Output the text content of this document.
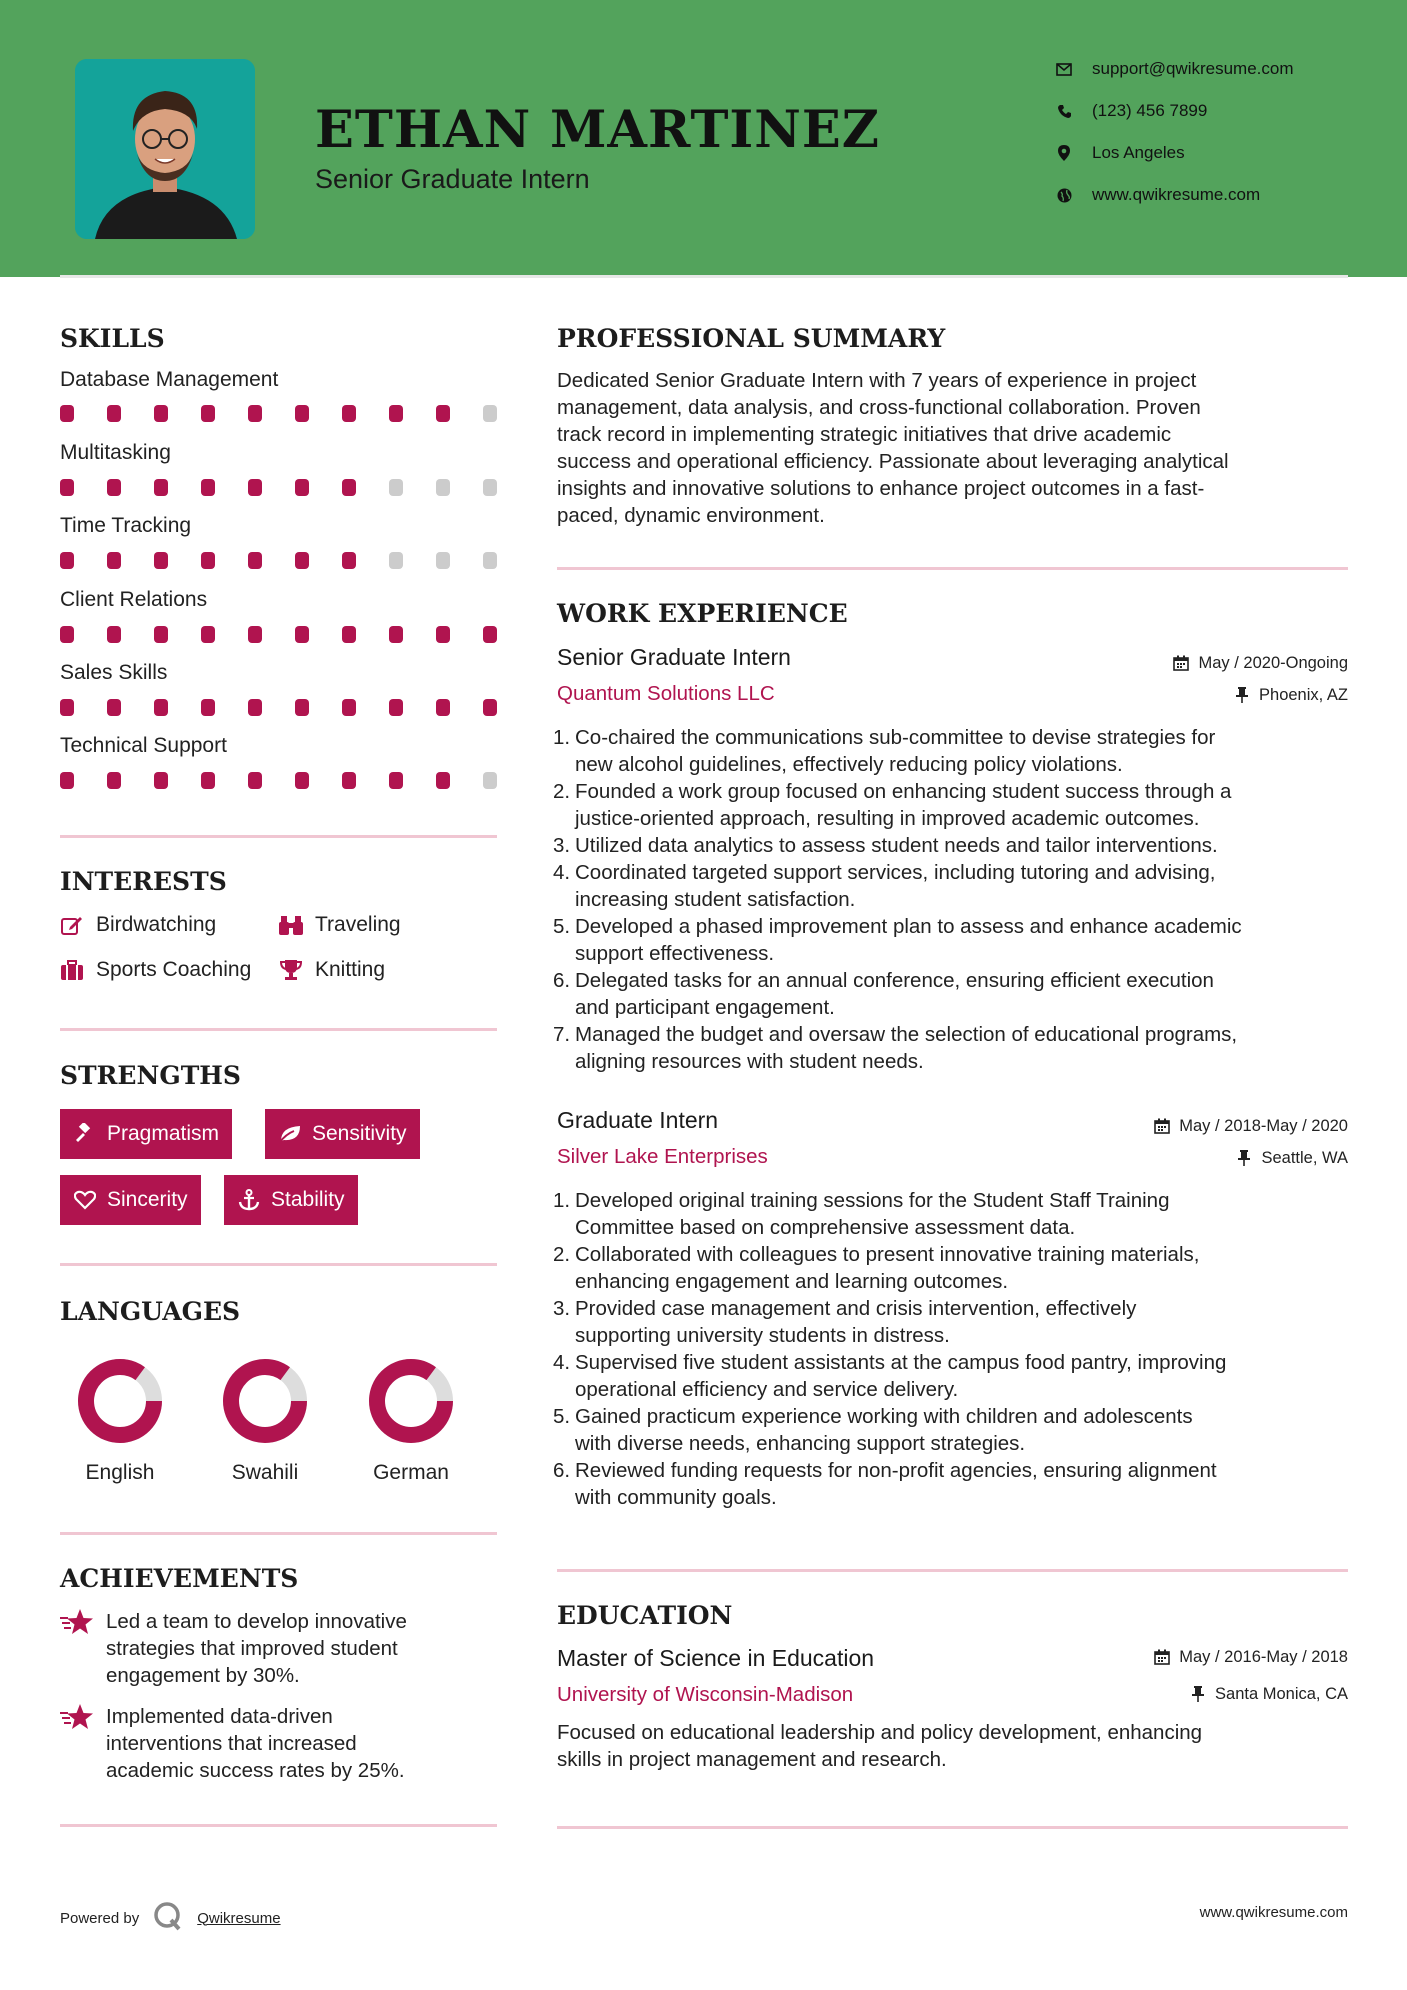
ETHAN MARTINEZ
Senior Graduate Intern
support@qwikresume.com
(123) 456 7899
Los Angeles
www.qwikresume.com
SKILLS
Database Management
Multitasking
Time Tracking
Client Relations
Sales Skills
Technical Support
INTERESTS
Birdwatching	Traveling
Sports Coaching	Knitting
STRENGTHS
Pragmatism	Sensitivity
Sincerity	Stability
LANGUAGES
English	Swahili	German
ACHIEVEMENTS
Led a team to develop innovative
strategies that improved student
engagement by 30%.
Implemented data-driven
interventions that increased
academic success rates by 25%.
PROFESSIONAL SUMMARY
Dedicated Senior Graduate Intern with 7 years of experience in project
management, data analysis, and cross-functional collaboration. Proven
track record in implementing strategic initiatives that drive academic
success and operational efficiency. Passionate about leveraging analytical
insights and innovative solutions to enhance project outcomes in a fast-
paced, dynamic environment.
WORK EXPERIENCE
Senior Graduate Intern	May / 2020-Ongoing
Quantum Solutions LLC	Phoenix, AZ
1. Co-chaired the communications sub-committee to devise strategies for
new alcohol guidelines, effectively reducing policy violations.
2. Founded a work group focused on enhancing student success through a
justice-oriented approach, resulting in improved academic outcomes.
3. Utilized data analytics to assess student needs and tailor interventions.
4. Coordinated targeted support services, including tutoring and advising,
increasing student satisfaction.
5. Developed a phased improvement plan to assess and enhance academic
support effectiveness.
6. Delegated tasks for an annual conference, ensuring efficient execution
and participant engagement.
7. Managed the budget and oversaw the selection of educational programs,
aligning resources with student needs.
Graduate Intern	May / 2018-May / 2020
Silver Lake Enterprises	Seattle, WA
1. Developed original training sessions for the Student Staff Training
Committee based on comprehensive assessment data.
2. Collaborated with colleagues to present innovative training materials,
enhancing engagement and learning outcomes.
3. Provided case management and crisis intervention, effectively
supporting university students in distress.
4. Supervised five student assistants at the campus food pantry, improving
operational efficiency and service delivery.
5. Gained practicum experience working with children and adolescents
with diverse needs, enhancing support strategies.
6. Reviewed funding requests for non-profit agencies, ensuring alignment
with community goals.
EDUCATION
Master of Science in Education	May / 2016-May / 2018
University of Wisconsin-Madison	Santa Monica, CA
Focused on educational leadership and policy development, enhancing
skills in project management and research.
Powered by	Qwikresume	www.qwikresume.com
